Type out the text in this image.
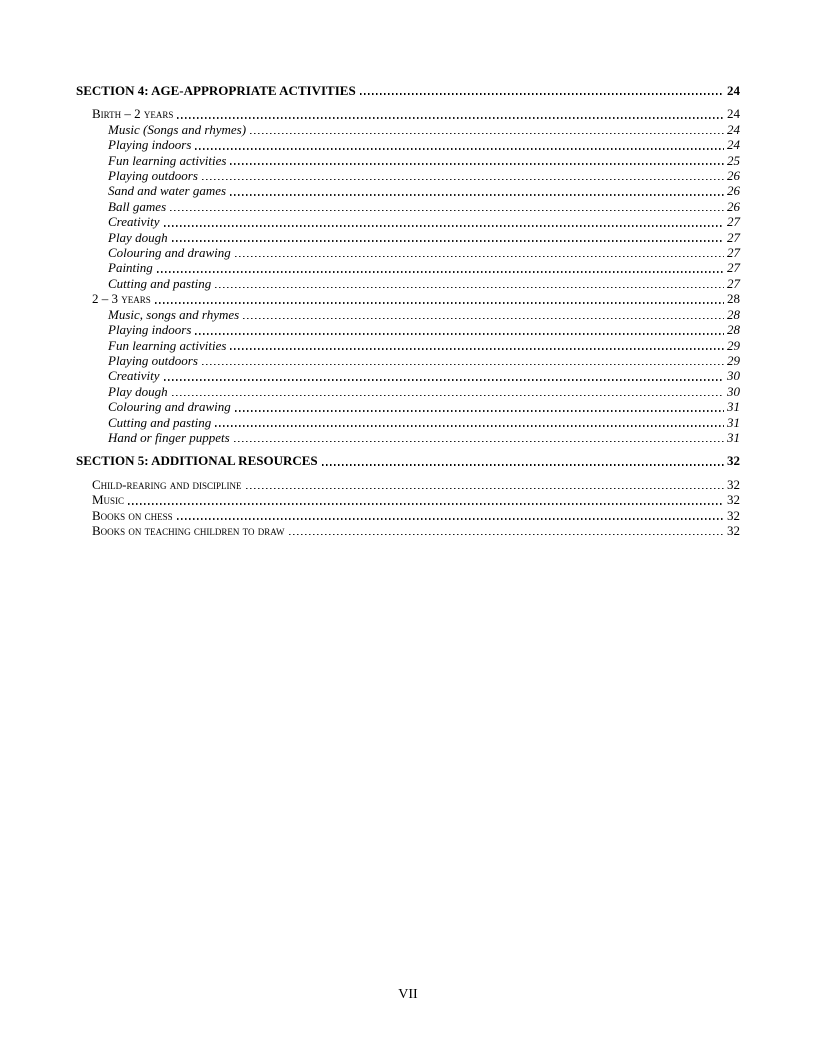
SECTION 4: AGE-APPROPRIATE ACTIVITIES	24
Birth – 2 years	24
Music (Songs and rhymes)	24
Playing indoors	24
Fun learning activities	25
Playing outdoors	26
Sand and water games	26
Ball games	26
Creativity	27
Play dough	27
Colouring and drawing	27
Painting	27
Cutting and pasting	27
2 – 3 years	28
Music, songs and rhymes	28
Playing indoors	28
Fun learning activities	29
Playing outdoors	29
Creativity	30
Play dough	30
Colouring and drawing	31
Cutting and pasting	31
Hand or finger puppets	31
SECTION 5: ADDITIONAL RESOURCES	32
Child-rearing and discipline	32
Music	32
Books on chess	32
Books on teaching children to draw	32
VII
